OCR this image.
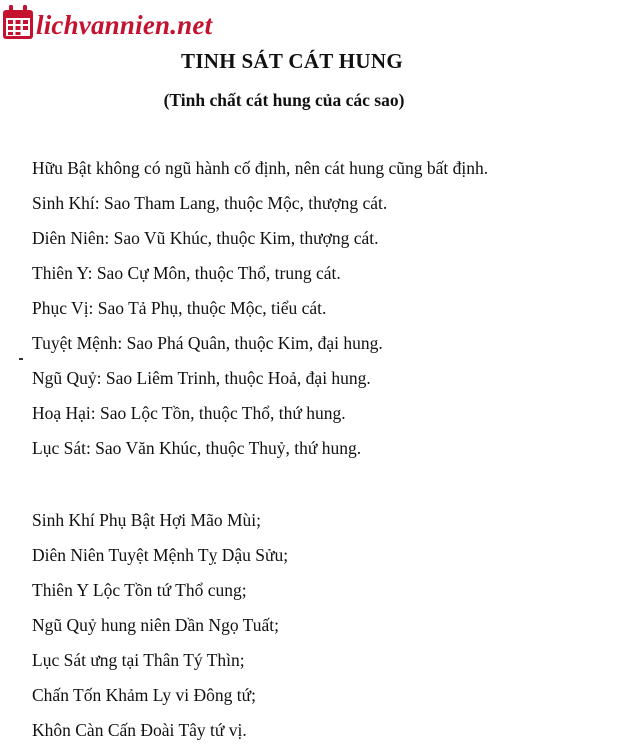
lichvannien.net
TINH SÁT CÁT HUNG
(Tinh chất cát hung của các sao)
Hữu Bật không có ngũ hành cố định, nên cát hung cũng bất định.
Sinh Khí: Sao Tham Lang, thuộc Mộc, thượng cát.
Diên Niên: Sao Vũ Khúc, thuộc Kim, thượng cát.
Thiên Y: Sao Cự Môn, thuộc Thổ, trung cát.
Phục Vị: Sao Tả Phụ, thuộc Mộc, tiểu cát.
Tuyệt Mệnh: Sao Phá Quân, thuộc Kim, đại hung.
Ngũ Quỷ: Sao Liêm Trinh, thuộc Hoả, đại hung.
Hoạ Hại: Sao Lộc Tồn, thuộc Thổ, thứ hung.
Lục Sát: Sao Văn Khúc, thuộc Thuỷ, thứ hung.
Sinh Khí Phụ Bật Hợi Mão Mùi;
Diên Niên Tuyệt Mệnh Tỵ Dậu Sửu;
Thiên Y Lộc Tồn tứ Thổ cung;
Ngũ Quỷ hung niên Dần Ngọ Tuất;
Lục Sát ưng tại Thân Tý Thìn;
Chấn Tốn Khảm Ly vi Đông tứ;
Khôn Càn Cấn Đoài Tây tứ vị.
